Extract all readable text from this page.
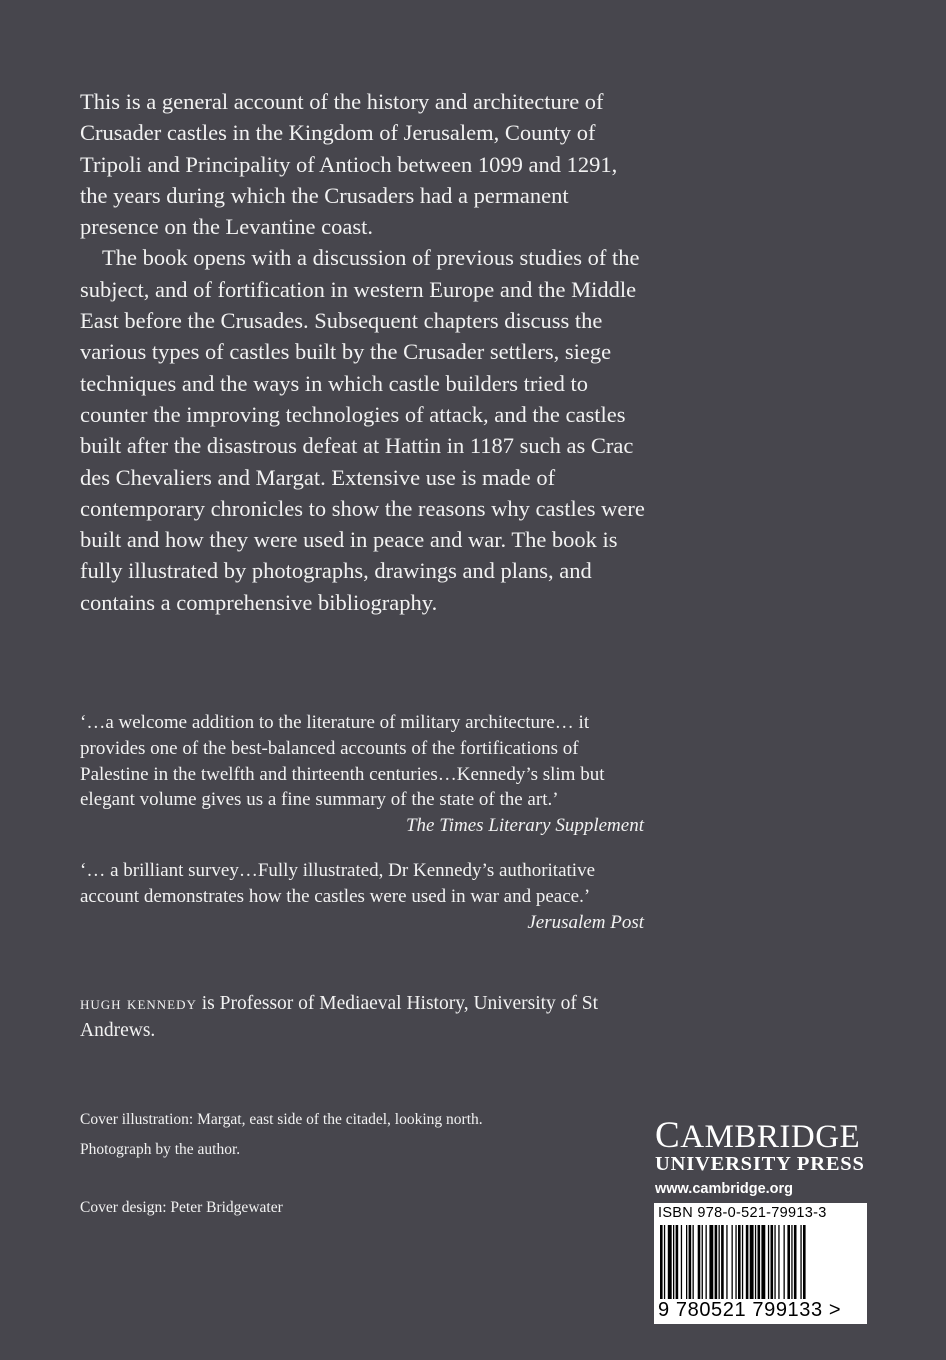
This is a general account of the history and architecture of Crusader castles in the Kingdom of Jerusalem, County of Tripoli and Principality of Antioch between 1099 and 1291, the years during which the Crusaders had a permanent presence on the Levantine coast.

The book opens with a discussion of previous studies of the subject, and of fortification in western Europe and the Middle East before the Crusades. Subsequent chapters discuss the various types of castles built by the Crusader settlers, siege techniques and the ways in which castle builders tried to counter the improving technologies of attack, and the castles built after the disastrous defeat at Hattin in 1187 such as Crac des Chevaliers and Margat. Extensive use is made of contemporary chronicles to show the reasons why castles were built and how they were used in peace and war. The book is fully illustrated by photographs, drawings and plans, and contains a comprehensive bibliography.

‘…a welcome addition to the literature of military architecture… it provides one of the best-balanced accounts of the fortifications of Palestine in the twelfth and thirteenth centuries…Kennedy’s slim but elegant volume gives us a fine summary of the state of the art.’
The Times Literary Supplement
‘… a brilliant survey…Fully illustrated, Dr Kennedy’s authoritative account demonstrates how the castles were used in war and peace.’
Jerusalem Post
hugh kennedy is Professor of Mediaeval History, University of St Andrews.
Cover illustration: Margat, east side of the citadel, looking north.
Photograph by the author.
Cover design: Peter Bridgewater
CAMBRIDGE
UNIVERSITY PRESS
www.cambridge.org
ISBN 978-0-521-79913-3
9 780521 799133 >
